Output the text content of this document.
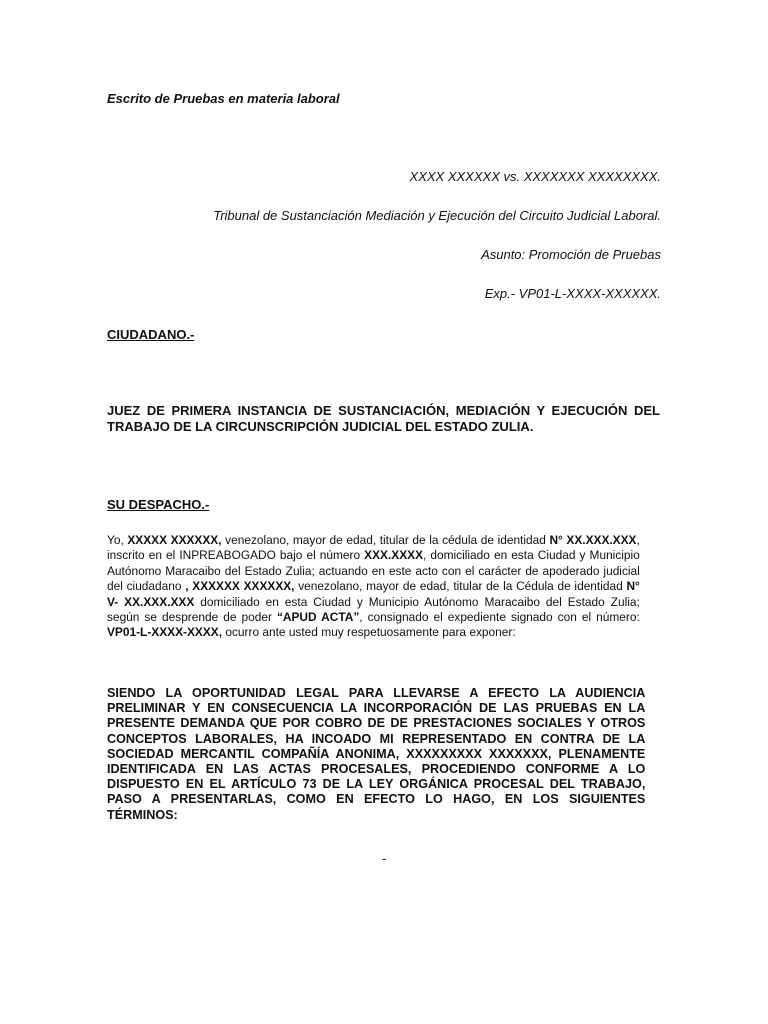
Escrito de Pruebas en materia laboral
XXXX XXXXXX vs. XXXXXXX XXXXXXXX.
Tribunal de Sustanciación Mediación y Ejecución del Circuito Judicial Laboral.
Asunto: Promoción de Pruebas
Exp.- VP01-L-XXXX-XXXXXX.
CIUDADANO.-
JUEZ DE PRIMERA INSTANCIA DE SUSTANCIACIÓN, MEDIACIÓN Y EJECUCIÓN DEL TRABAJO DE LA CIRCUNSCRIPCIÓN JUDICIAL DEL ESTADO ZULIA.
SU DESPACHO.-
Yo, XXXXX XXXXXX, venezolano, mayor de edad, titular de la cédula de identidad N° XX.XXX.XXX, inscrito en el INPREABOGADO bajo el número XXX.XXXX, domiciliado en esta Ciudad y Municipio Autónomo Maracaibo del Estado Zulia; actuando en este acto con el carácter de apoderado judicial del ciudadano , XXXXXX XXXXXX, venezolano, mayor de edad, titular de la Cédula de identidad N° V- XX.XXX.XXX domiciliado en esta Ciudad y Municipio Autónomo Maracaibo del Estado Zulia; según se desprende de poder “APUD ACTA”, consignado el expediente signado con el número: VP01-L-XXXX-XXXX, ocurro ante usted muy respetuosamente para exponer:
SIENDO LA OPORTUNIDAD LEGAL PARA LLEVARSE A EFECTO LA AUDIENCIA PRELIMINAR Y EN CONSECUENCIA LA INCORPORACIÓN DE LAS PRUEBAS EN LA PRESENTE DEMANDA QUE POR COBRO DE DE PRESTACIONES SOCIALES Y OTROS CONCEPTOS LABORALES, HA INCOADO MI REPRESENTADO EN CONTRA DE LA SOCIEDAD MERCANTIL COMPAÑÍA ANONIMA, XXXXXXXXX XXXXXXX, PLENAMENTE IDENTIFICADA EN LAS ACTAS PROCESALES, PROCEDIENDO CONFORME A LO DISPUESTO EN EL ARTÍCULO 73 DE LA LEY ORGÁNICA PROCESAL DEL TRABAJO, PASO A PRESENTARLAS, COMO EN EFECTO LO HAGO, EN LOS SIGUIENTES TÉRMINOS:
-
